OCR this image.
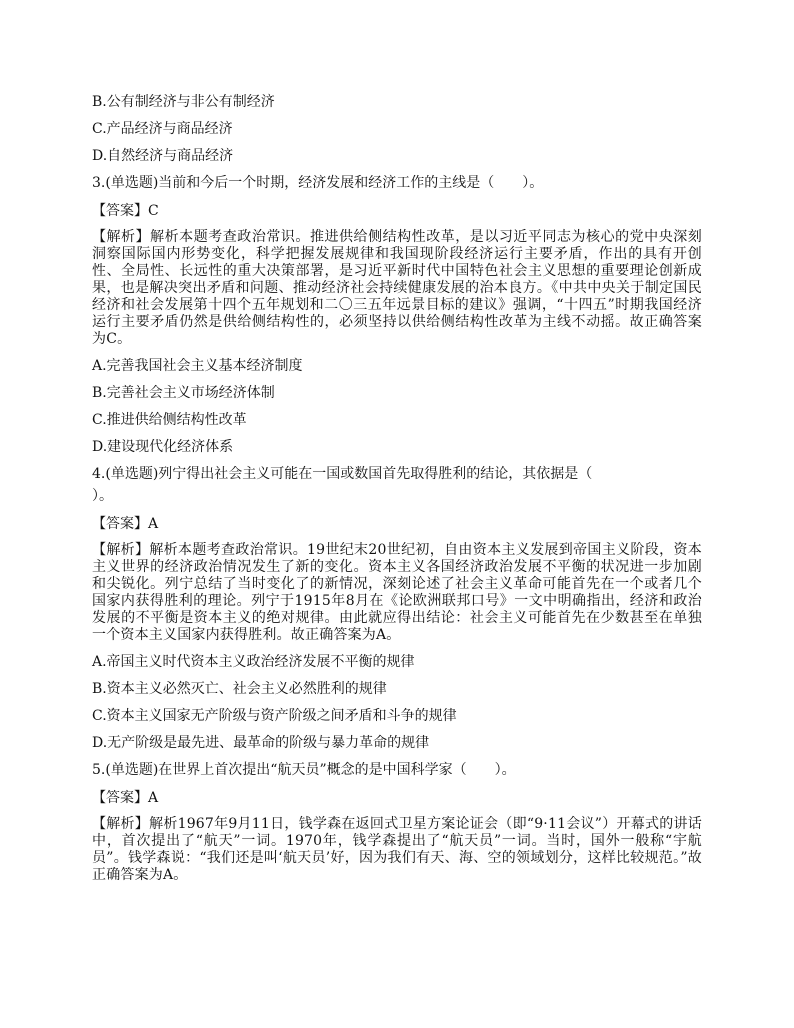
B.公有制经济与非公有制经济
C.产品经济与商品经济
D.自然经济与商品经济
3.(单选题)当前和今后一个时期，经济发展和经济工作的主线是（　　）。
【答案】C
【解析】解析本题考查政治常识。推进供给侧结构性改革，是以习近平同志为核心的党中央深刻洞察国际国内形势变化，科学把握发展规律和我国现阶段经济运行主要矛盾，作出的具有开创性、全局性、长远性的重大决策部署，是习近平新时代中国特色社会主义思想的重要理论创新成果，也是解决突出矛盾和问题、推动经济社会持续健康发展的治本良方。《中共中央关于制定国民经济和社会发展第十四个五年规划和二〇三五年远景目标的建议》强调，“十四五”时期我国经济运行主要矛盾仍然是供给侧结构性的，必须坚持以供给侧结构性改革为主线不动摇。故正确答案为C。
A.完善我国社会主义基本经济制度
B.完善社会主义市场经济体制
C.推进供给侧结构性改革
D.建设现代化经济体系
4.(单选题)列宁得出社会主义可能在一国或数国首先取得胜利的结论，其依据是（
）。
【答案】A
【解析】解析本题考查政治常识。19世纪末20世纪初，自由资本主义发展到帝国主义阶段，资本主义世界的经济政治情况发生了新的变化。资本主义各国经济政治发展不平衡的状况进一步加剧和尖锐化。列宁总结了当时变化了的新情况，深刻论述了社会主义革命可能首先在一个或者几个国家内获得胜利的理论。列宁于1915年8月在《论欧洲联邦口号》一文中明确指出，经济和政治发展的不平衡是资本主义的绝对规律。由此就应得出结论：社会主义可能首先在少数甚至在单独一个资本主义国家内获得胜利。故正确答案为A。
A.帝国主义时代资本主义政治经济发展不平衡的规律
B.资本主义必然灭亡、社会主义必然胜利的规律
C.资本主义国家无产阶级与资产阶级之间矛盾和斗争的规律
D.无产阶级是最先进、最革命的阶级与暴力革命的规律
5.(单选题)在世界上首次提出“航天员”概念的是中国科学家（　　）。
【答案】A
【解析】解析1967年9月11日，钱学森在返回式卫星方案论证会（即“9·11会议”）开幕式的讲话中，首次提出了“航天”一词。1970年，钱学森提出了“航天员”一词。当时，国外一般称“宇航员”。钱学森说：“我们还是叫‘航天员’好，因为我们有天、海、空的领域划分，这样比较规范。”故正确答案为A。
